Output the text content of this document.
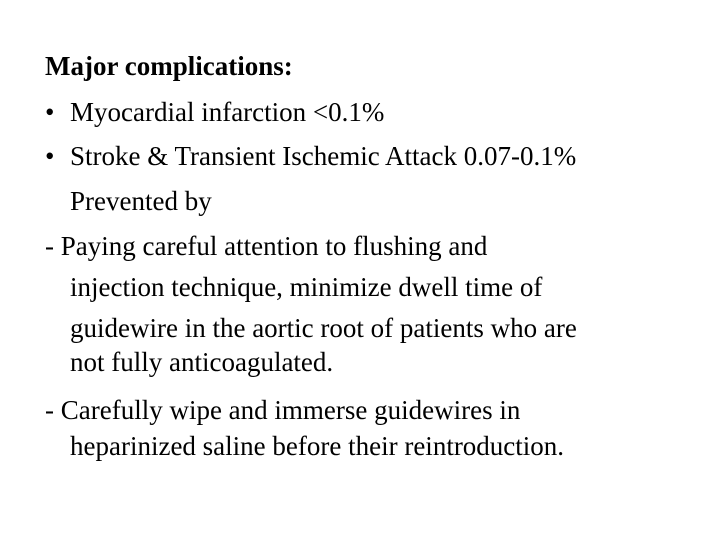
Major complications:
• Myocardial infarction <0.1%
• Stroke & Transient Ischemic Attack 0.07-0.1%
Prevented by
- Paying careful attention to flushing and
injection technique, minimize dwell time of
guidewire in the aortic root of patients who are
not fully anticoagulated.
- Carefully wipe and immerse guidewires in
heparinized saline before their reintroduction.
